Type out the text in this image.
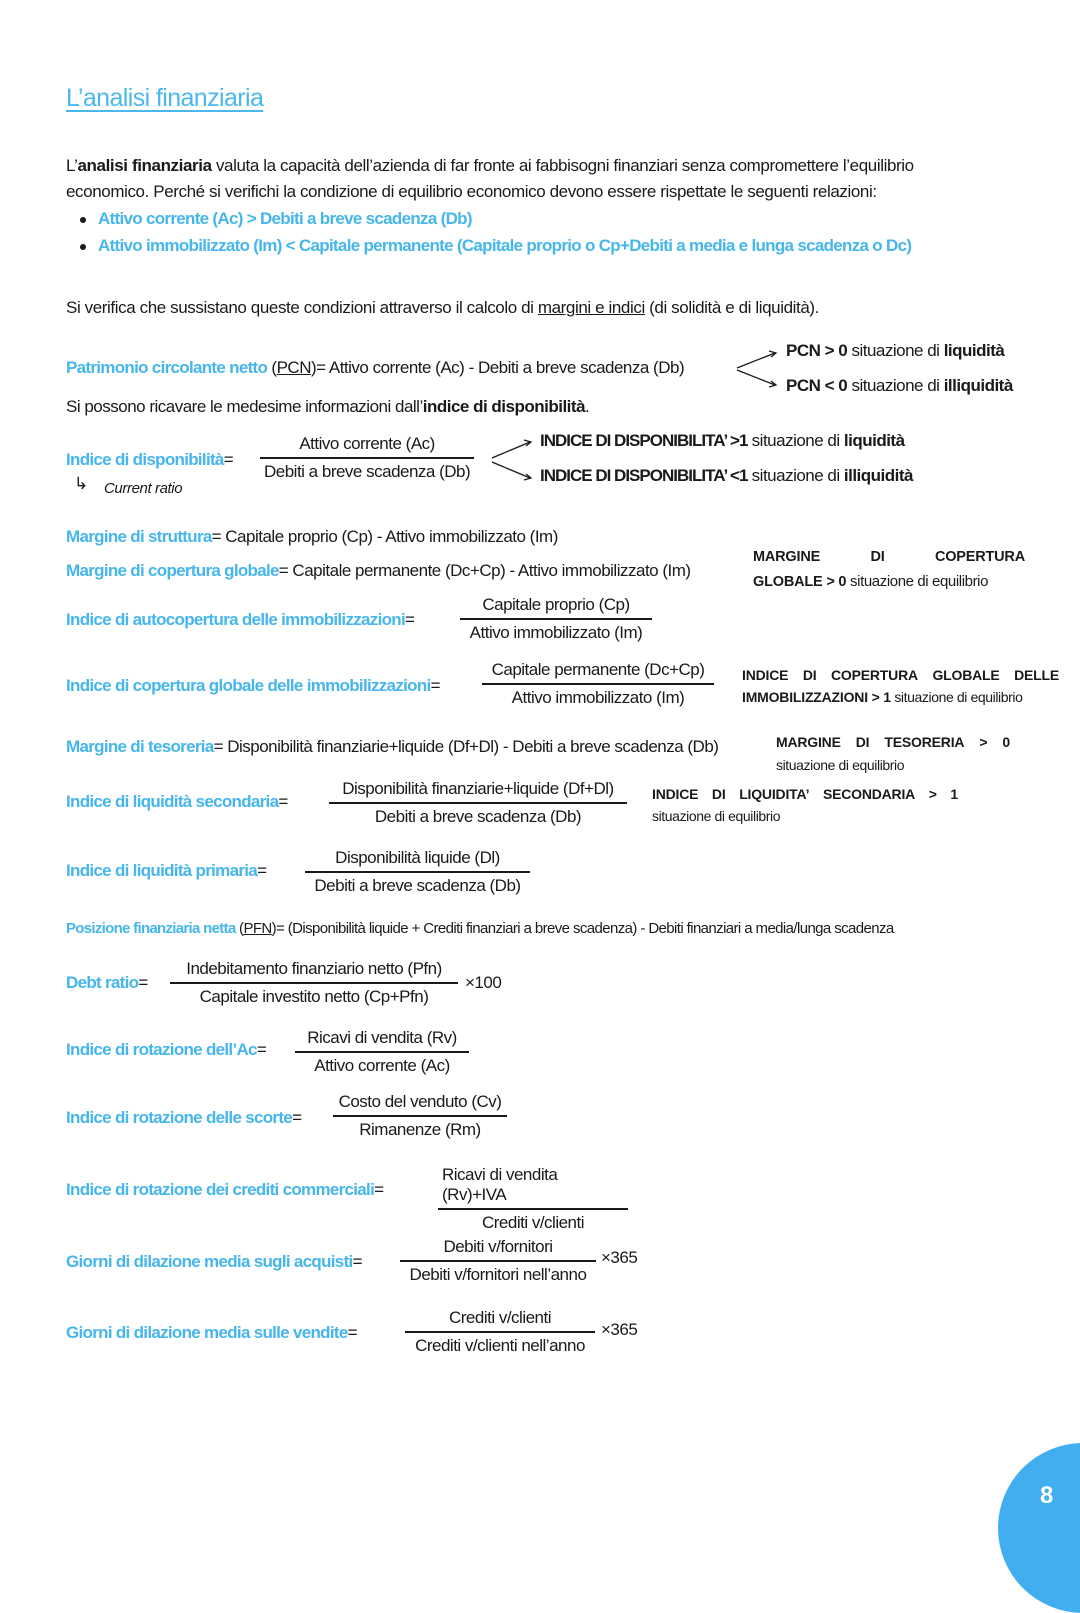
L’analisi finanziaria
L’analisi finanziaria valuta la capacità dell’azienda di far fronte ai fabbisogni finanziari senza compromettere l’equilibrio
economico. Perché si verifichi la condizione di equilibrio economico devono essere rispettate le seguenti relazioni:
Attivo corrente (Ac) > Debiti a breve scadenza (Db)
Attivo immobilizzato (Im) < Capitale permanente (Capitale proprio o Cp+Debiti a media e lunga scadenza o Dc)
Si verifica che sussistano queste condizioni attraverso il calcolo di margini e indici (di solidità e di liquidità).
Patrimonio circolante netto (PCN)= Attivo corrente (Ac) - Debiti a breve scadenza (Db)
PCN > 0 situazione di liquidità
PCN < 0 situazione di illiquidità
Si possono ricavare le medesime informazioni dall’indice di disponibilità.
Indice di disponibilità=
Attivo corrente (Ac)
Debiti a breve scadenza (Db)
↳ Current ratio
INDICE DI DISPONIBILITA’ >1 situazione di liquidità
INDICE DI DISPONIBILITA’ <1 situazione di illiquidità
Margine di struttura= Capitale proprio (Cp) - Attivo immobilizzato (Im)
Margine di copertura globale= Capitale permanente (Dc+Cp) - Attivo immobilizzato (Im)
MARGINE	DI	COPERTURA
GLOBALE > 0 situazione di equilibrio
Indice di autocopertura delle immobilizzazioni=
Capitale proprio (Cp)
Attivo immobilizzato (Im)
Indice di copertura globale delle immobilizzazioni=
Capitale permanente (Dc+Cp)
Attivo immobilizzato (Im)
INDICE DI COPERTURA GLOBALE DELLE
IMMOBILIZZAZIONI > 1 situazione di equilibrio
Margine di tesoreria= Disponibilità finanziarie+liquide (Df+Dl) - Debiti a breve scadenza (Db)	MARGINE DI TESORERIA > 0
situazione di equilibrio
Indice di liquidità secondaria=
Disponibilità finanziarie+liquide (Df+Dl)
Debiti a breve scadenza (Db)
INDICE DI LIQUIDITA’ SECONDARIA > 1
situazione di equilibrio
Indice di liquidità primaria=
Disponibilità liquide (Dl)
Debiti a breve scadenza (Db)
Posizione finanziaria netta (PFN)= (Disponibilità liquide + Crediti finanziari a breve scadenza) - Debiti finanziari a media/lunga scadenza
Debt ratio=
Indebitamento finanziario netto (Pfn)
Capitale investito netto (Cp+Pfn)
×100
Indice di rotazione dell’Ac=
Ricavi di vendita (Rv)
Attivo corrente (Ac)
Indice di rotazione delle scorte=
Costo del venduto (Cv)
Rimanenze (Rm)
Indice di rotazione dei crediti commerciali=
Ricavi di vendita (Rv)+IVA
Crediti v/clienti
Giorni di dilazione media sugli acquisti=
Debiti v/fornitori
Debiti v/fornitori nell’anno
×365
Giorni di dilazione media sulle vendite=
Crediti v/clienti
Crediti v/clienti nell’anno
×365
8
